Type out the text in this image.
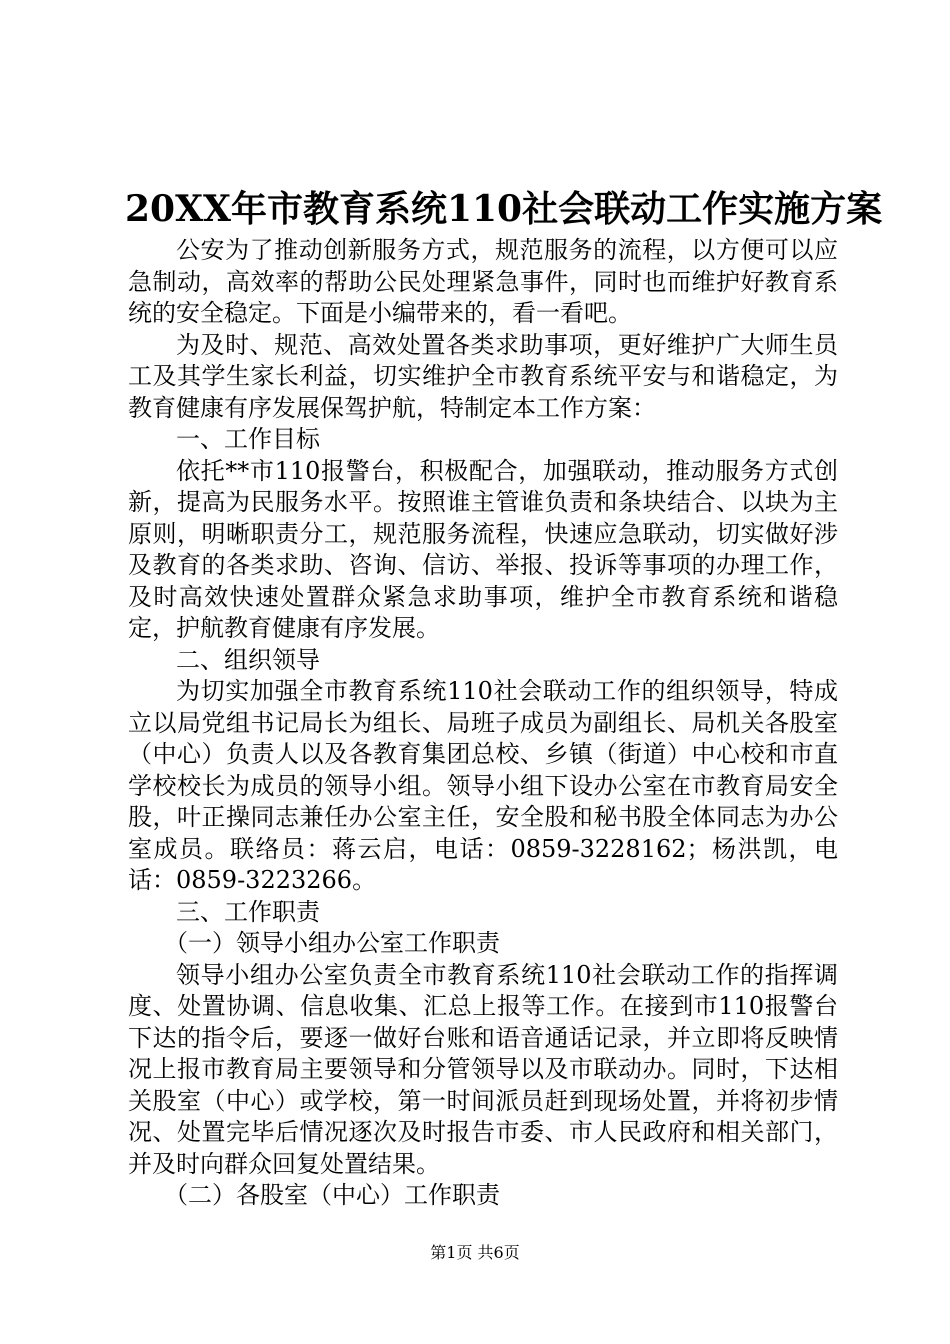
20XX年市教育系统110社会联动工作实施方案

公安为了推动创新服务方式，规范服务的流程，以方便可以应急制动，高效率的帮助公民处理紧急事件，同时也而维护好教育系统的安全稳定。下面是小编带来的，看一看吧。

为及时、规范、高效处置各类求助事项，更好维护广大师生员工及其学生家长利益，切实维护全市教育系统平安与和谐稳定，为教育健康有序发展保驾护航，特制定本工作方案：

一、工作目标

依托**市110报警台，积极配合，加强联动，推动服务方式创新，提高为民服务水平。按照谁主管谁负责和条块结合、以块为主原则，明晰职责分工，规范服务流程，快速应急联动，切实做好涉及教育的各类求助、咨询、信访、举报、投诉等事项的办理工作，及时高效快速处置群众紧急求助事项，维护全市教育系统和谐稳定，护航教育健康有序发展。

二、组织领导

为切实加强全市教育系统110社会联动工作的组织领导，特成立以局党组书记局长为组长、局班子成员为副组长、局机关各股室（中心）负责人以及各教育集团总校、乡镇（街道）中心校和市直学校校长为成员的领导小组。领导小组下设办公室在市教育局安全股，叶正操同志兼任办公室主任，安全股和秘书股全体同志为办公室成员。联络员：蒋云启，电话：0859-3228162；杨洪凯，电话：0859-3223266。

三、工作职责

（一）领导小组办公室工作职责

领导小组办公室负责全市教育系统110社会联动工作的指挥调度、处置协调、信息收集、汇总上报等工作。在接到市110报警台下达的指令后，要逐一做好台账和语音通话记录，并立即将反映情况上报市教育局主要领导和分管领导以及市联动办。同时，下达相关股室（中心）或学校，第一时间派员赶到现场处置，并将初步情况、处置完毕后情况逐次及时报告市委、市人民政府和相关部门，并及时向群众回复处置结果。

（二）各股室（中心）工作职责

第1页 共6页
